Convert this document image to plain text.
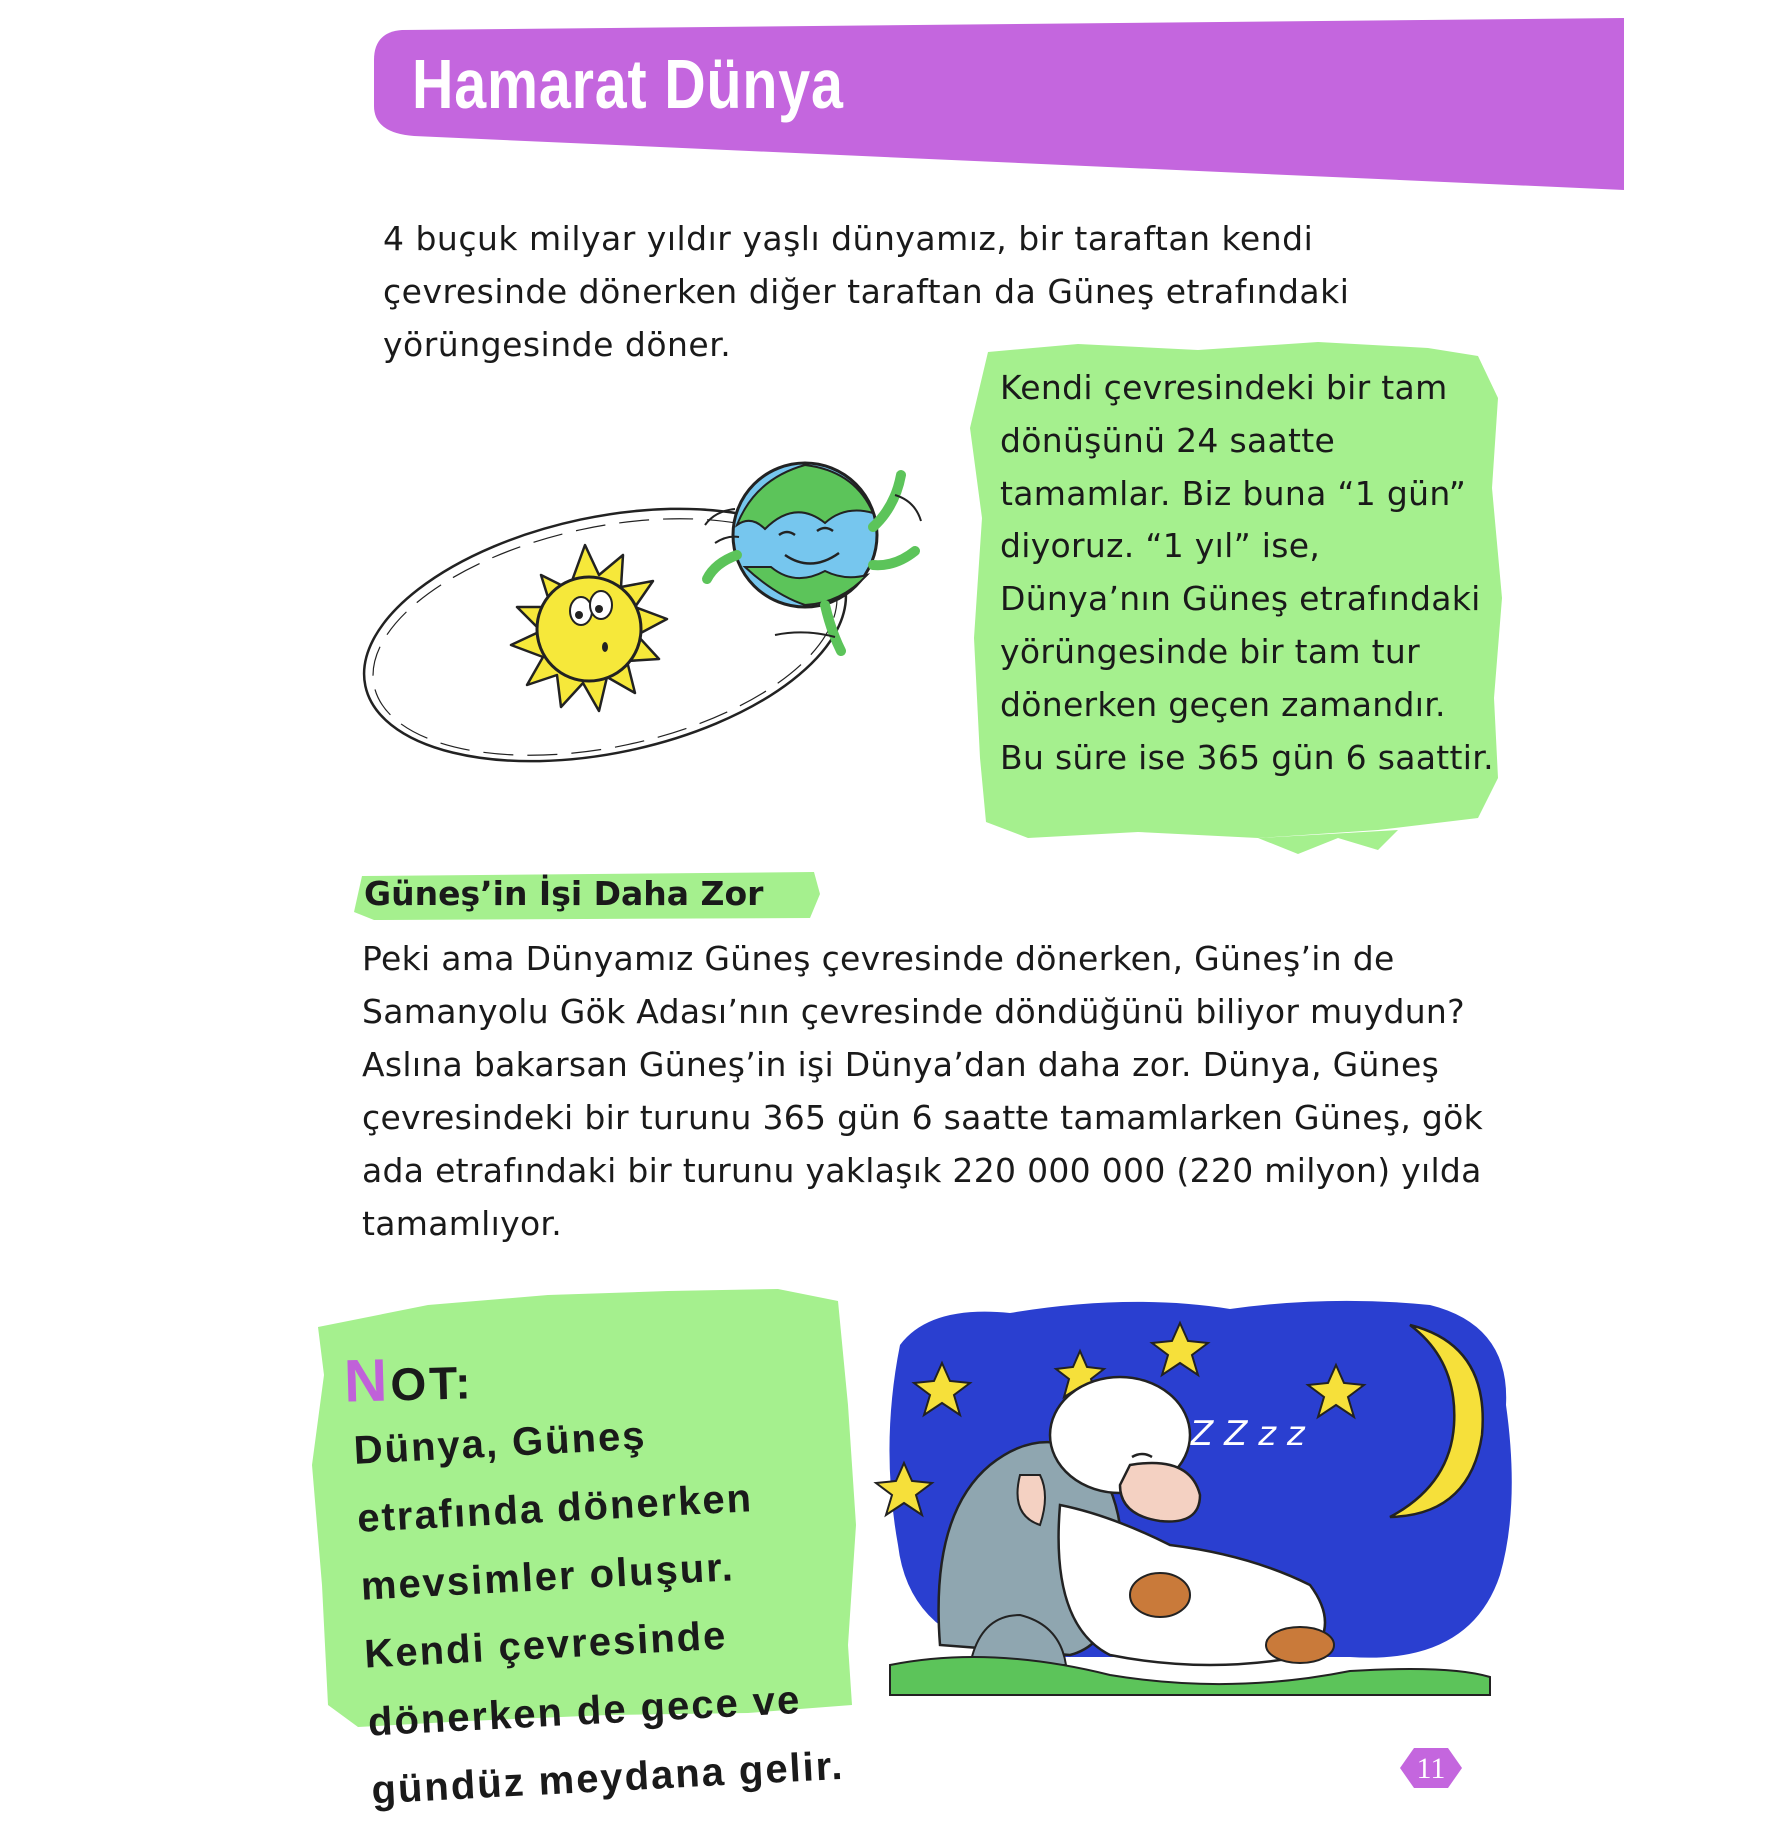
Hamarat Dünya

4 buçuk milyar yıldır yaşlı dünyamız, bir taraftan kendi çevresinde dönerken diğer taraftan da Güneş etrafındaki yörüngesinde döner.

Kendi çevresindeki bir tam dönüşünü 24 saatte tamamlar. Biz buna “1 gün” diyoruz. “1 yıl” ise, Dünya’nın Güneş etrafındaki yörüngesinde bir tam tur dönerken geçen zamandır. Bu süre ise 365 gün 6 saattir.

Güneş’in İşi Daha Zor

Peki ama Dünyamız Güneş çevresinde dönerken, Güneş’in de Samanyolu Gök Adası’nın çevresinde döndüğünü biliyor muydun? Aslına bakarsan Güneş’in işi Dünya’dan daha zor. Dünya, Güneş çevresindeki bir turunu 365 gün 6 saatte tamamlarken Güneş, gök ada etrafındaki bir turunu yaklaşık 220 000 000 (220 milyon) yılda tamamlıyor.

NOT:

Dünya, Güneş etrafında dönerken mevsimler oluşur. Kendi çevresinde dönerken de gece ve gündüz meydana gelir.

Z Z z z
11
